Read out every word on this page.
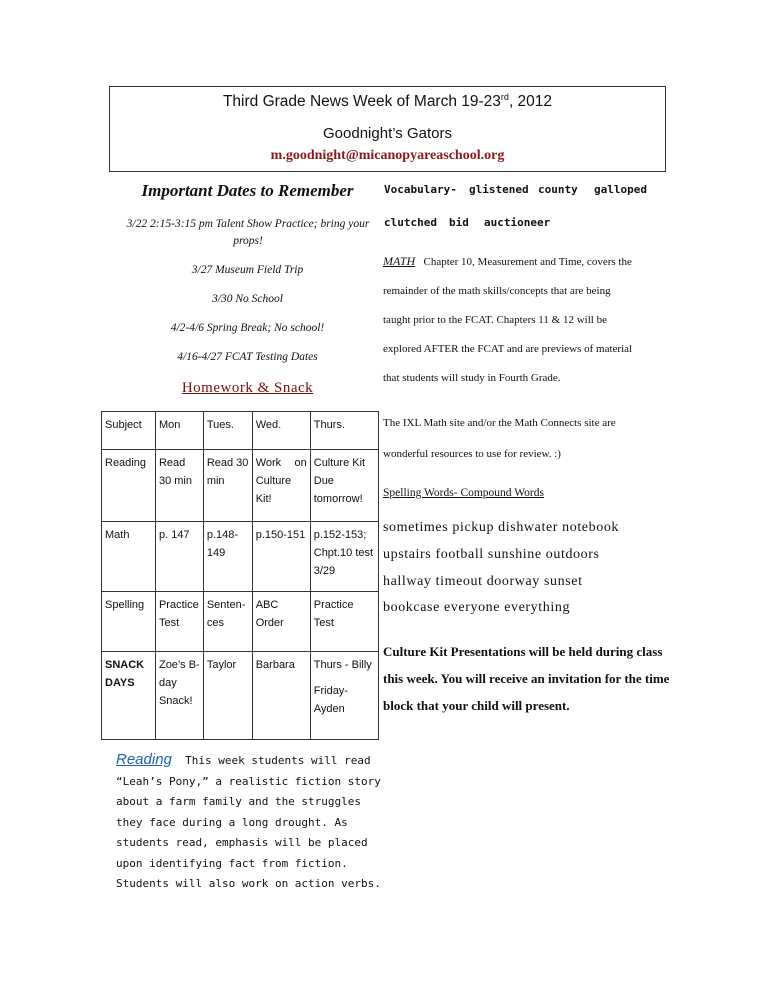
Third Grade News Week of March 19-23rd, 2012
Goodnight’s Gators
m.goodnight@micanopyareaschool.org
Important Dates to Remember
3/22 2:15-3:15 pm Talent Show Practice; bring your props!
3/27 Museum Field Trip
3/30 No School
4/2-4/6 Spring Break; No school!
4/16-4/27 FCAT Testing Dates
Homework & Snack
Subject	Mon	Tues.	Wed.	Thurs.
Reading	Read 30 min	Read 30 min	Work on Culture Kit!	Culture Kit Due tomorrow!
Math	p. 147	p.148-149	p.150-151	p.152-153; Chpt.10 test 3/29
Spelling	Practice Test	Senten-ces	ABC Order	Practice Test
SNACK DAYS	Zoe’s B-day Snack!	Taylor	Barbara	Thurs - Billy
Friday- Ayden
Vocabulary- glistened county galloped
clutched bid auctioneer
MATH Chapter 10, Measurement and Time, covers the
remainder of the math skills/concepts that are being
taught prior to the FCAT. Chapters 11 & 12 will be
explored AFTER the FCAT and are previews of material
that students will study in Fourth Grade.
The IXL Math site and/or the Math Connects site are
wonderful resources to use for review. :)
Spelling Words- Compound Words
sometimes pickup dishwater notebook
upstairs football sunshine outdoors
hallway timeout doorway sunset
bookcase everyone everything
Culture Kit Presentations will be held during class this week. You will receive an invitation for the time block that your child will present.
Reading This week students will read “Leah’s Pony,” a realistic fiction story about a farm family and the struggles they face during a long drought. As students read, emphasis will be placed upon identifying fact from fiction. Students will also work on action verbs.
